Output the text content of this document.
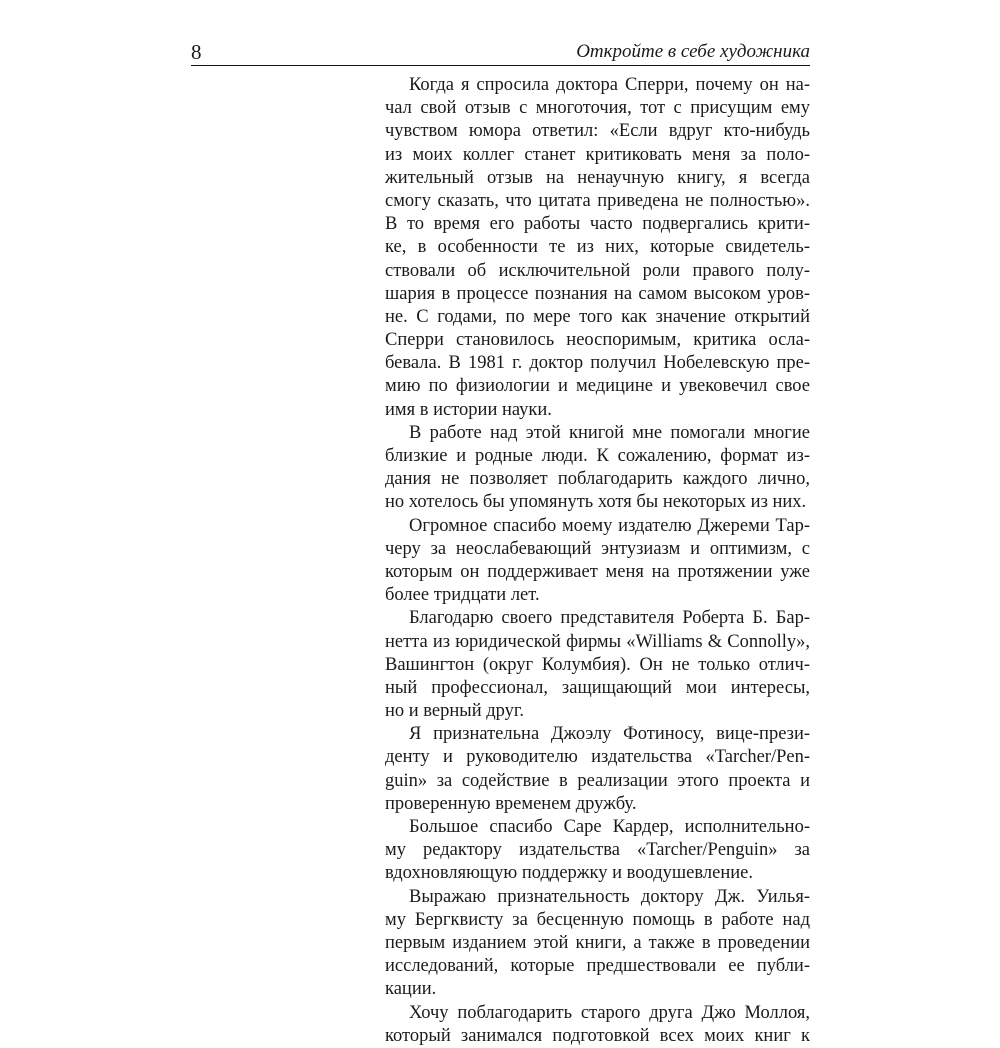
8	Откройте в себе художника

Когда я спросила доктора Сперри, почему он на-
чал свой отзыв с многоточия, тот с присущим ему
чувством юмора ответил: «Если вдруг кто-нибудь
из моих коллег станет критиковать меня за поло-
жительный отзыв на ненаучную книгу, я всегда
смогу сказать, что цитата приведена не полностью».
В то время его работы часто подвергались крити-
ке, в особенности те из них, которые свидетель-
ствовали об исключительной роли правого полу-
шария в процессе познания на самом высоком уров-
не. С годами, по мере того как значение открытий
Сперри становилось неоспоримым, критика осла-
бевала. В 1981 г. доктор получил Нобелевскую пре-
мию по физиологии и медицине и увековечил свое
имя в истории науки.

В работе над этой книгой мне помогали многие
близкие и родные люди. К сожалению, формат из-
дания не позволяет поблагодарить каждого лично,
но хотелось бы упомянуть хотя бы некоторых из них.

Огромное спасибо моему издателю Джереми Тар-
черу за неослабевающий энтузиазм и оптимизм, с
которым он поддерживает меня на протяжении уже
более тридцати лет.

Благодарю своего представителя Роберта Б. Бар-
нетта из юридической фирмы «Williams & Connolly»,
Вашингтон (округ Колумбия). Он не только отлич-
ный профессионал, защищающий мои интересы,
но и верный друг.

Я признательна Джоэлу Фотиносу, вице-прези-
денту и руководителю издательства «Tarcher/Pen-
guin» за содействие в реализации этого проекта и
проверенную временем дружбу.

Большое спасибо Саре Кардер, исполнительно-
му редактору издательства «Tarcher/Penguin» за
вдохновляющую поддержку и воодушевление.

Выражаю признательность доктору Дж. Уилья-
му Бергквисту за бесценную помощь в работе над
первым изданием этой книги, а также в проведении
исследований, которые предшествовали ее публи-
кации.

Хочу поблагодарить старого друга Джо Моллоя,
который занимался подготовкой всех моих книг к
